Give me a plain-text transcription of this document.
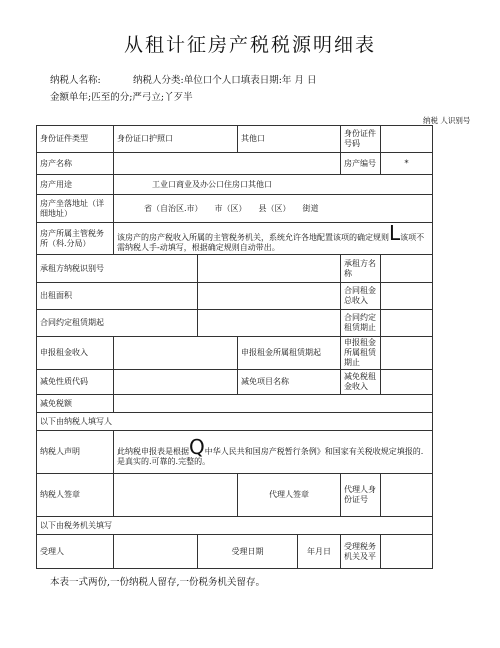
从租计征房产税税源明细表
纳税人名称:	纳税人分类:单位口个人口填表日期:年 月 日
金额单年;匹至的分;严弓立;丫歹半
纳税 人识别号
身份证件类型	身份证口护照口		其他口		身份证件号码	
房产名称					房产编号	*
房产用途	工业口商业及办公口住房口其他口					
房产坐落地址（详细地址）	省（自治区.市）　　市（区）　　县（区）　　街道					
房产所属主管税务所（科.分局）	该房产的房产税收入所属的主管税务机关，系统允许各地配置该项的确定规则L该项不需纳税人手-动填写，根据确定规则自动带出。					
承租方纳税识别号					承租方名称	
出租面积					合同租金总收入	
合同约定租赁期起					合同约定租赁期止	
申报租金收入			申报租金所属租赁期起		申报租金所属租赁期止	
减免性质代码			减免项目名称		减免税租金收入	
减免税额						
以下由纳税人填写人						
纳税人声明	此纳税申报表是根据Q中华人民共和国房产税暂行条例》和国家有关税收规定填报的.是真实的.可靠的.完整的。					
纳税人签章			代理人签章		代理人身份证号	
以下由税务机关填写						
受理人		受理日期		年月日	受理税务机关及平	
本表一式两份,一份纳税人留存,一份税务机关留存。
